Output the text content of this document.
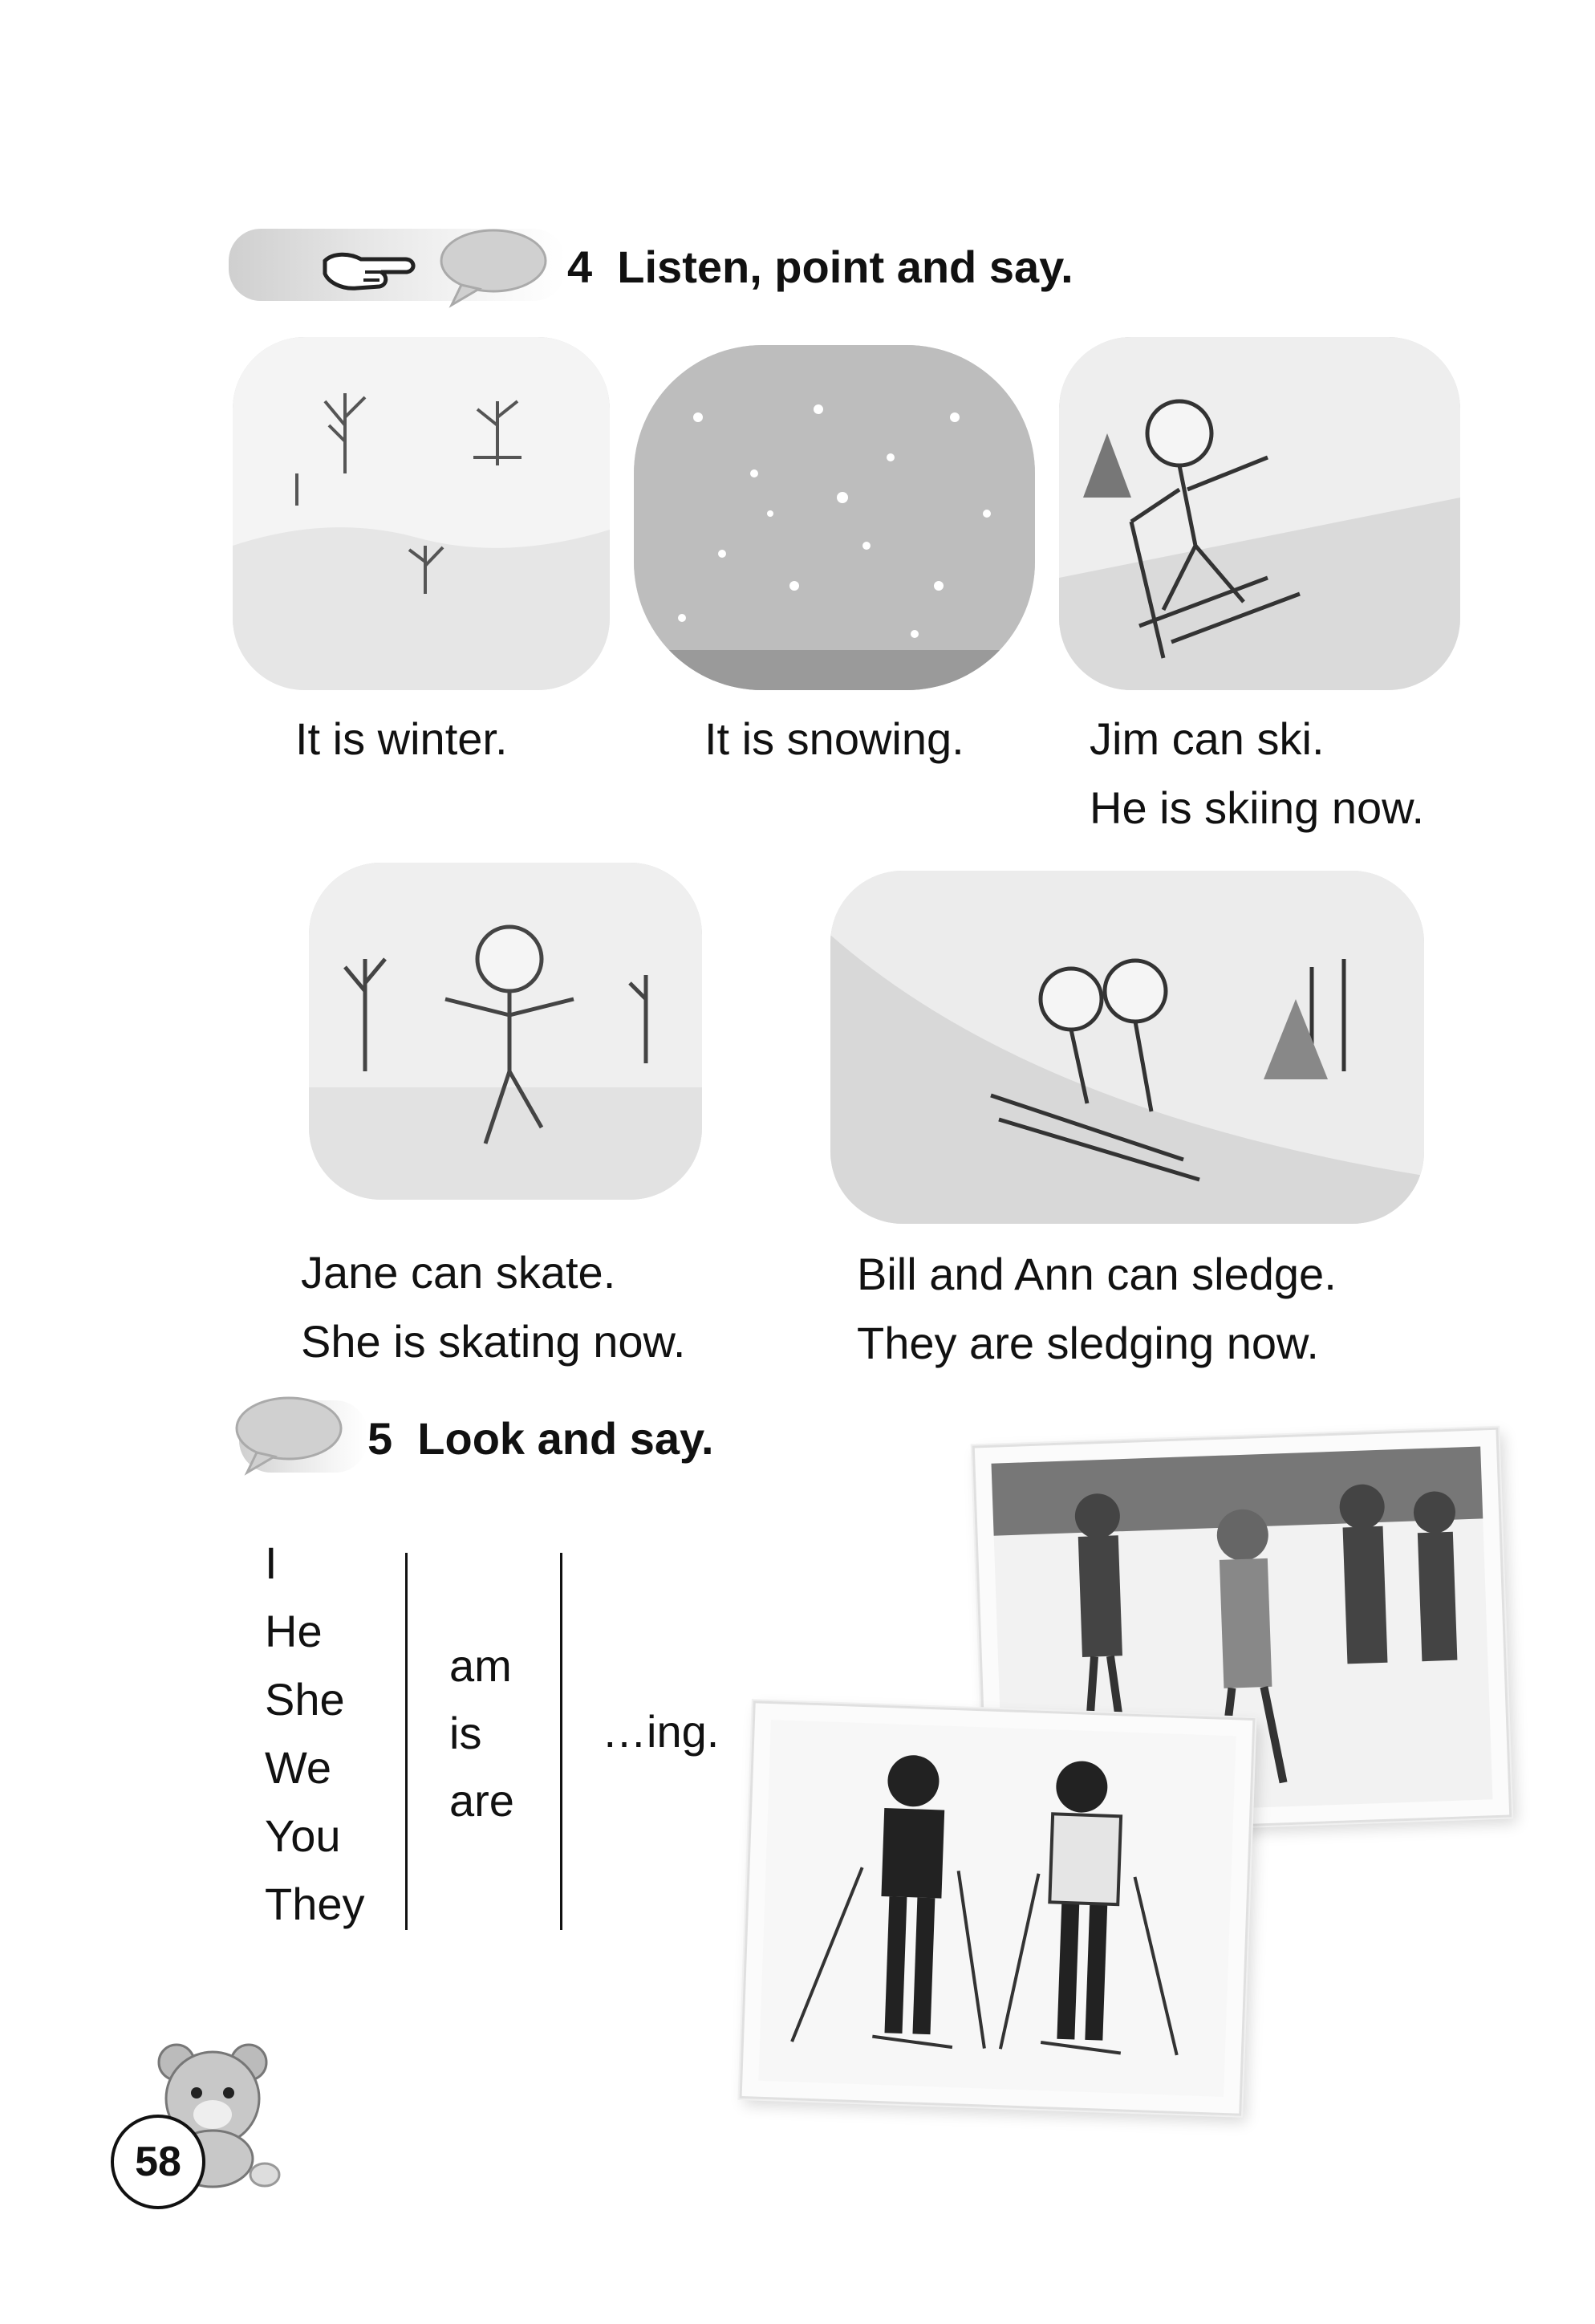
4 Listen, point and say.
It is winter.	It is snowing.	Jim can ski.
He is skiing now.
Jane can skate.
She is skating now.
Bill and Ann can sledge.
They are sledging now.
5 Look and say.
I
He
She
We
You
They
am
is
are
…ing.
58
